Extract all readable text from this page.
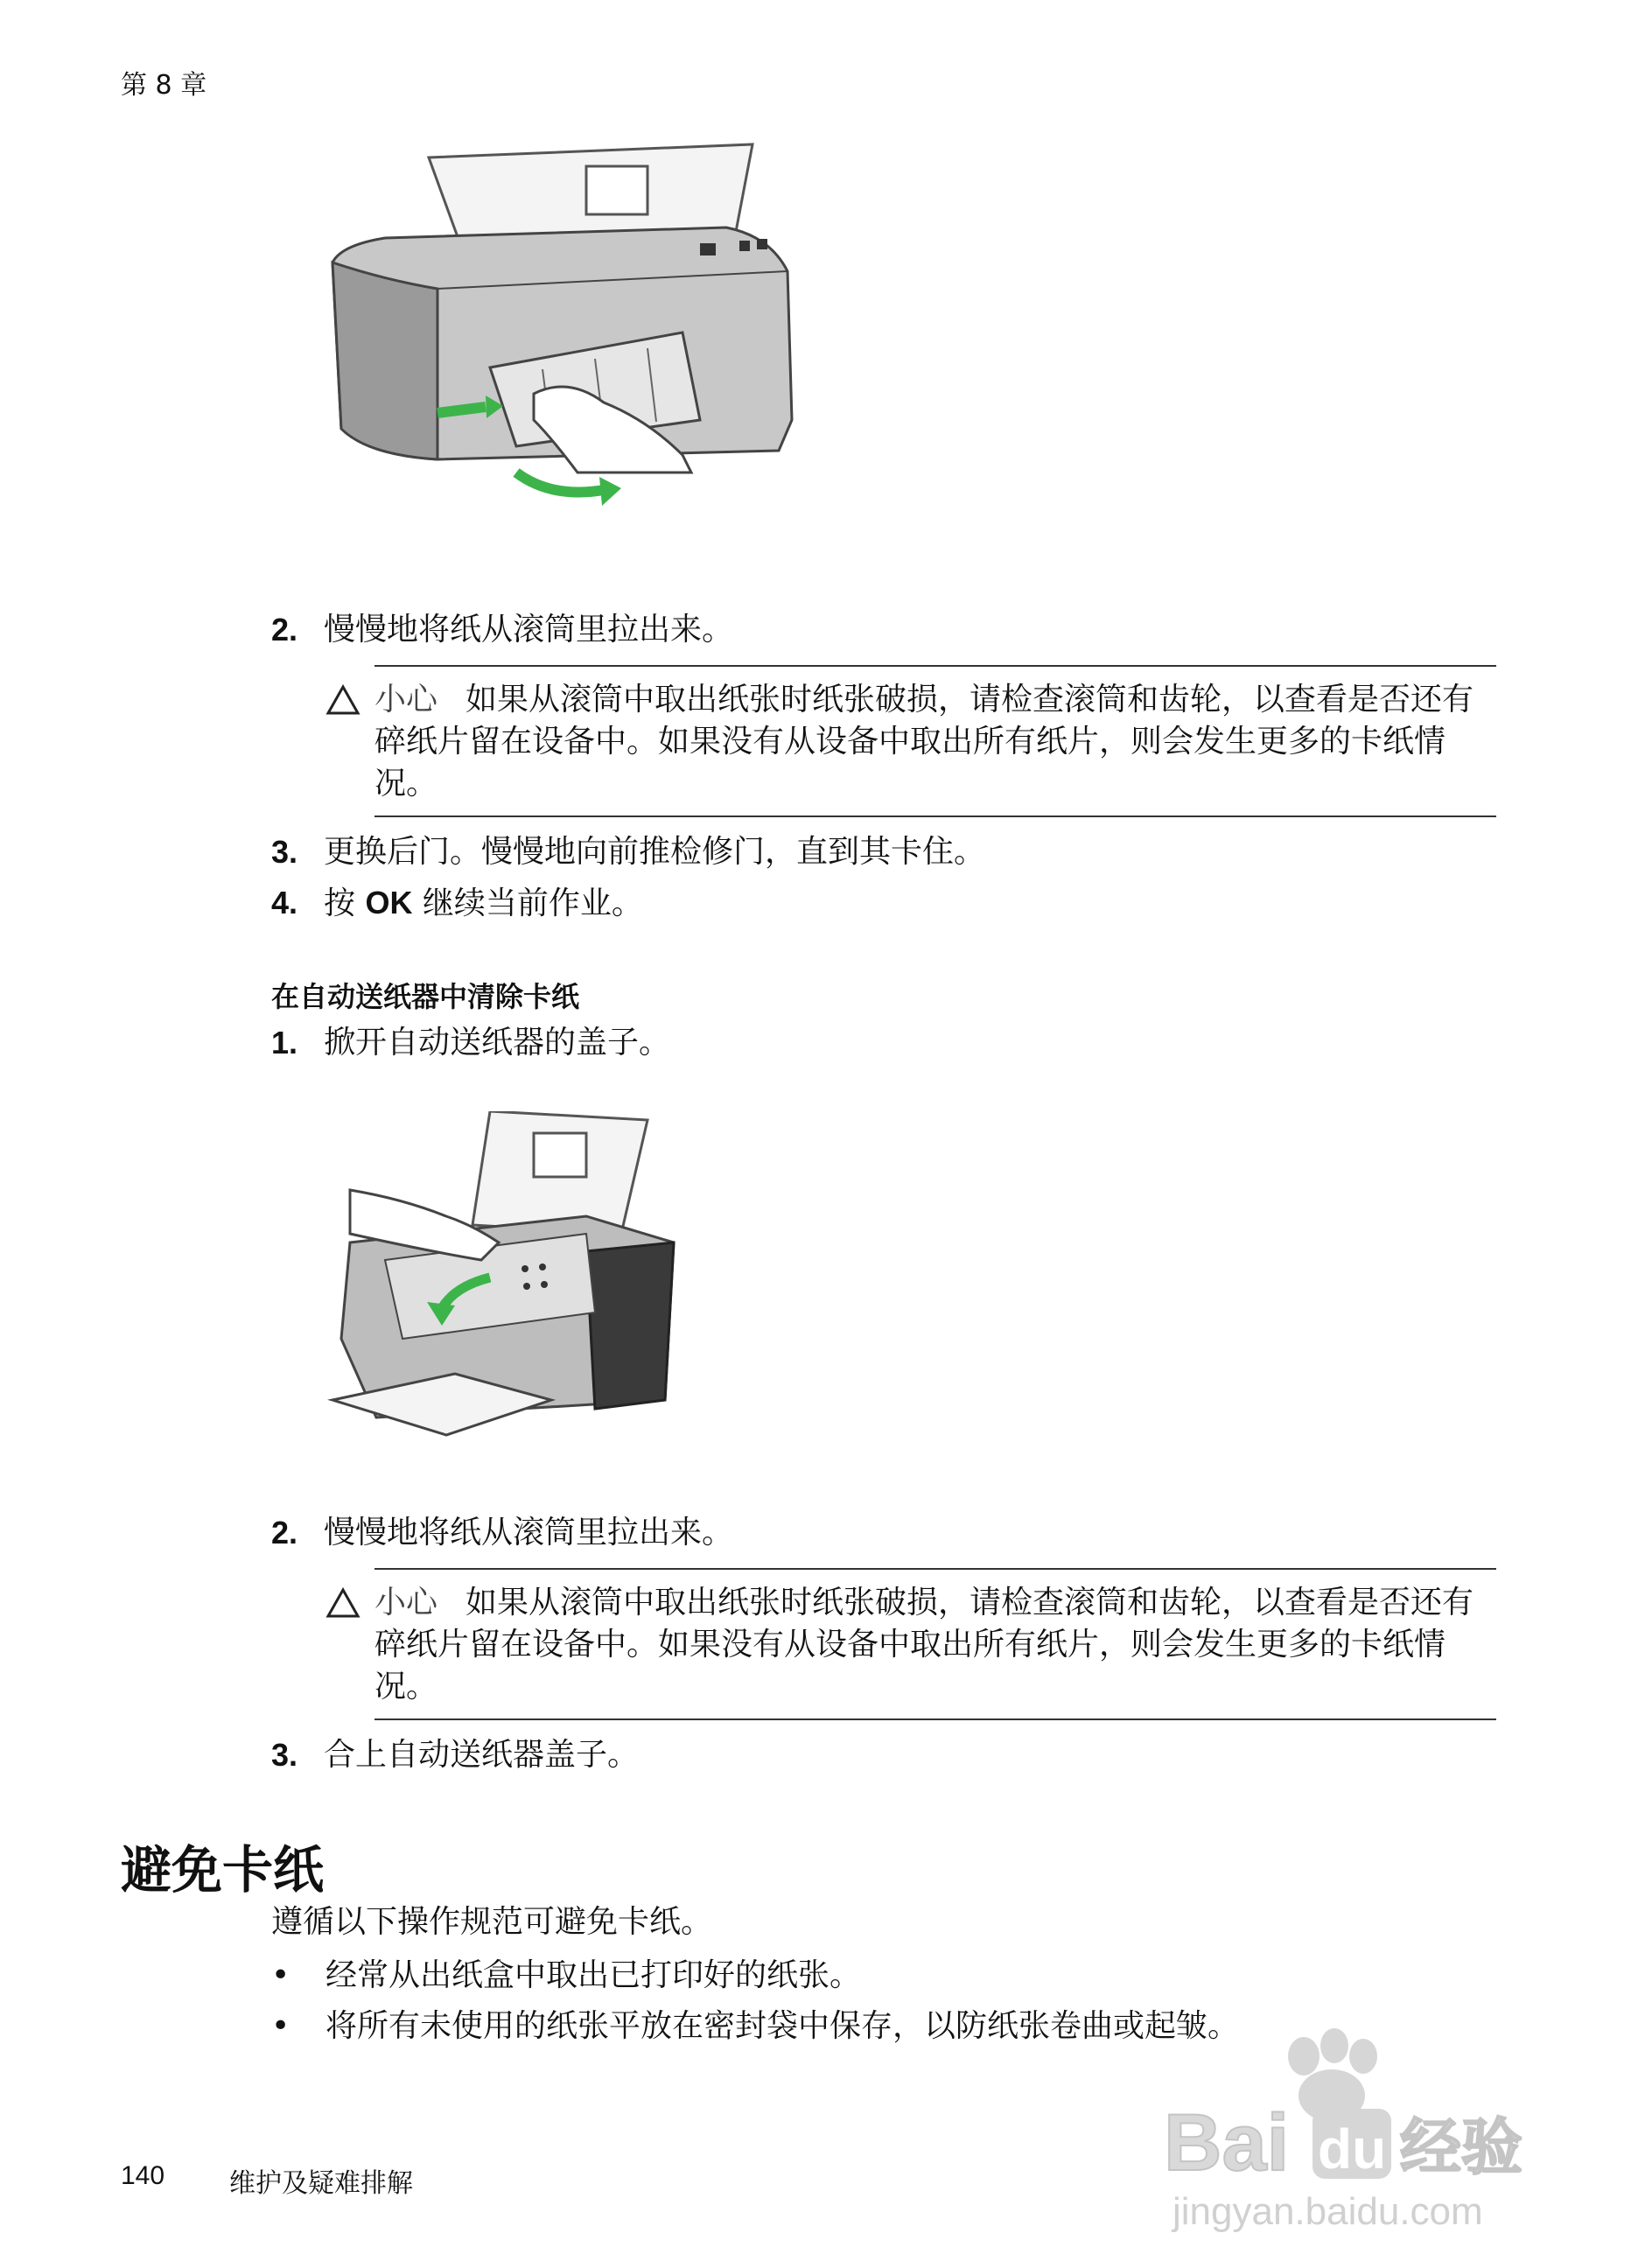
第 8 章
2. 慢慢地将纸从滚筒里拉出来。
小心 如果从滚筒中取出纸张时纸张破损，请检查滚筒和齿轮，以查看是否还有碎纸片留在设备中。如果没有从设备中取出所有纸片，则会发生更多的卡纸情况。
3. 更换后门。慢慢地向前推检修门，直到其卡住。
4. 按 OK 继续当前作业。
在自动送纸器中清除卡纸
1. 掀开自动送纸器的盖子。
2. 慢慢地将纸从滚筒里拉出来。
小心 如果从滚筒中取出纸张时纸张破损，请检查滚筒和齿轮，以查看是否还有碎纸片留在设备中。如果没有从设备中取出所有纸片，则会发生更多的卡纸情况。
3. 合上自动送纸器盖子。
避免卡纸
遵循以下操作规范可避免卡纸。
• 经常从出纸盒中取出已打印好的纸张。
• 将所有未使用的纸张平放在密封袋中保存，以防纸张卷曲或起皱。
140 维护及疑难排解	Bai du 经验
jingyan.baidu.com
